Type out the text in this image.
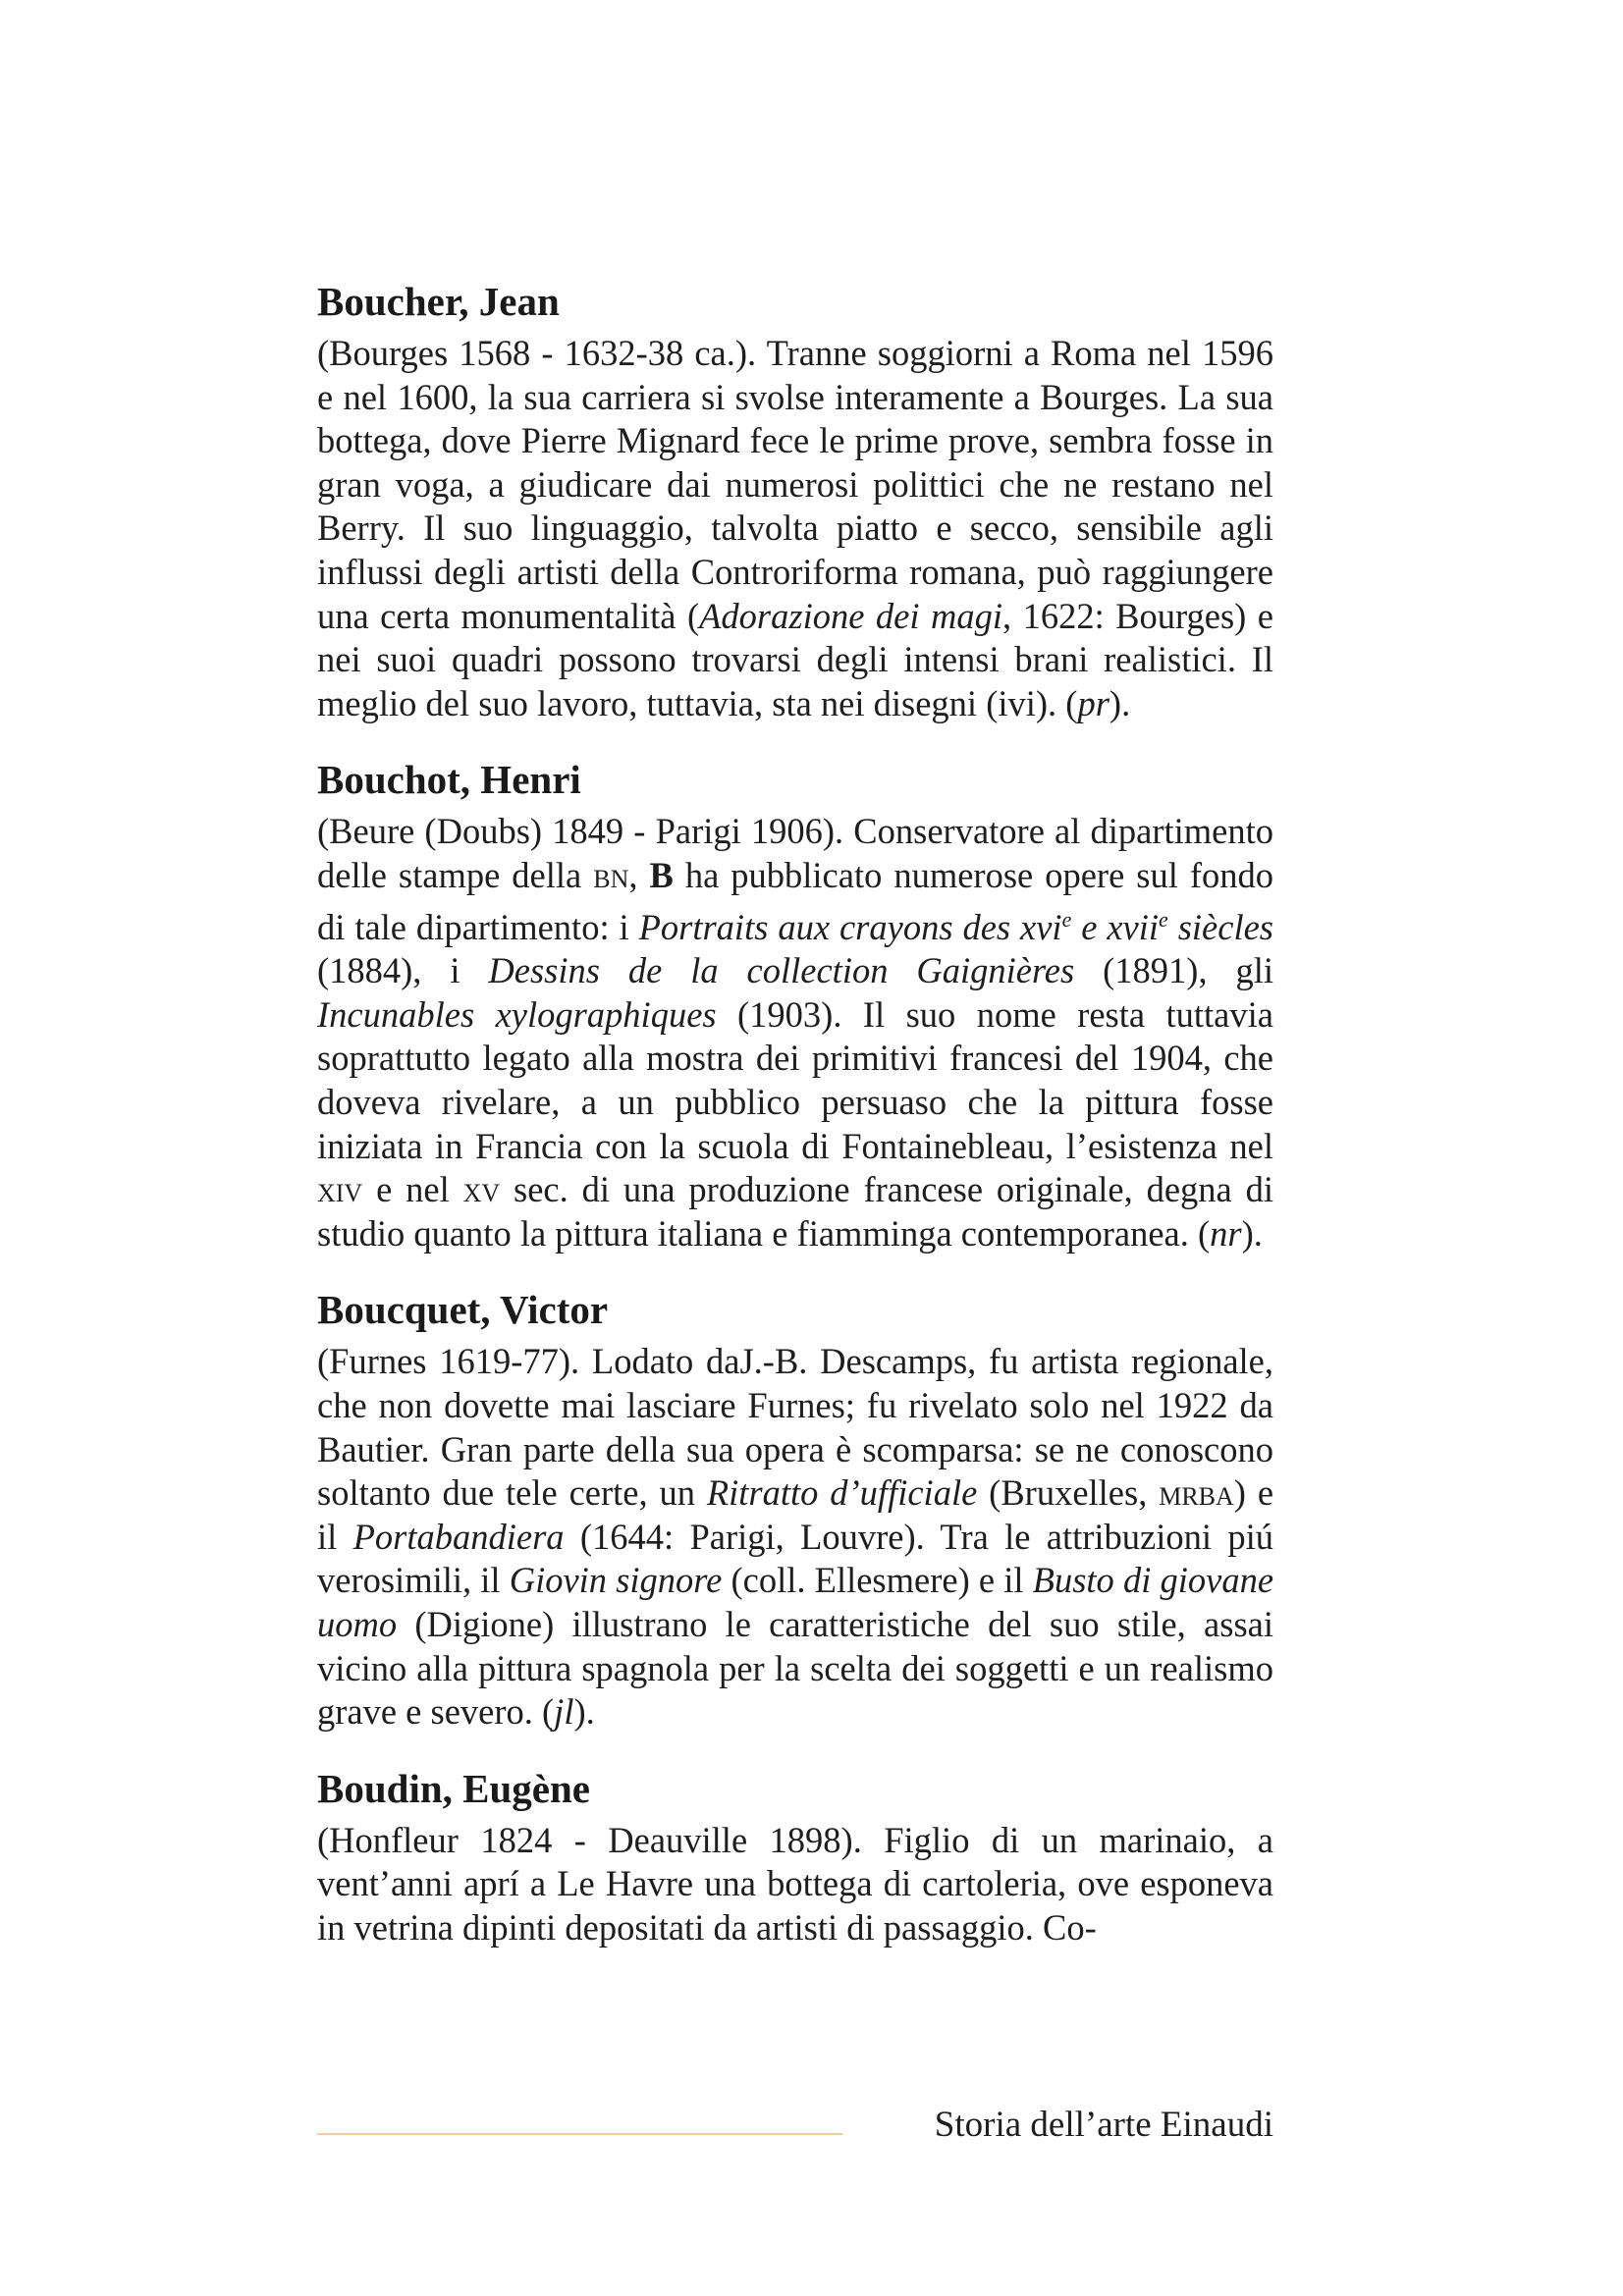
Boucher, Jean

(Bourges 1568 - 1632-38 ca.). Tranne soggiorni a Roma nel 1596 e nel 1600, la sua carriera si svolse interamente a Bourges. La sua bottega, dove Pierre Mignard fece le prime prove, sembra fosse in gran voga, a giudicare dai numerosi polittici che ne restano nel Berry. Il suo linguaggio, talvolta piatto e secco, sensibile agli influssi degli artisti della Controriforma romana, può raggiungere una certa monumentalità (Adorazione dei magi, 1622: Bourges) e nei suoi quadri possono trovarsi degli intensi brani realistici. Il meglio del suo lavoro, tuttavia, sta nei disegni (ivi). (pr).

Bouchot, Henri

(Beure (Doubs) 1849 - Parigi 1906). Conservatore al dipartimento delle stampe della bn, B ha pubblicato numerose opere sul fondo di tale dipartimento: i Portraits aux crayons des xvi$^e$ e xvii$^e$ siècles (1884), i Dessins de la collection Gaignières (1891), gli Incunables xylographiques (1903). Il suo nome resta tuttavia soprattutto legato alla mostra dei primitivi francesi del 1904, che doveva rivelare, a un pubblico persuaso che la pittura fosse iniziata in Francia con la scuola di Fontainebleau, l’esistenza nel xiv e nel xv sec. di una produzione francese originale, degna di studio quanto la pittura italiana e fiamminga contemporanea. (nr).

Boucquet, Victor

(Furnes 1619-77). Lodato daJ.-B. Descamps, fu artista regionale, che non dovette mai lasciare Furnes; fu rivelato solo nel 1922 da Bautier. Gran parte della sua opera è scomparsa: se ne conoscono soltanto due tele certe, un Ritratto d’ufficiale (Bruxelles, mrba) e il Portabandiera (1644: Parigi, Louvre). Tra le attribuzioni piú verosimili, il Giovin signore (coll. Ellesmere) e il Busto di giovane uomo (Digione) illustrano le caratteristiche del suo stile, assai vicino alla pittura spagnola per la scelta dei soggetti e un realismo grave e severo. (jl).

Boudin, Eugène

(Honfleur 1824 - Deauville 1898). Figlio di un marinaio, a vent’anni aprí a Le Havre una bottega di cartoleria, ove esponeva in vetrina dipinti depositati da artisti di passaggio. Co-

Storia dell’arte Einaudi
